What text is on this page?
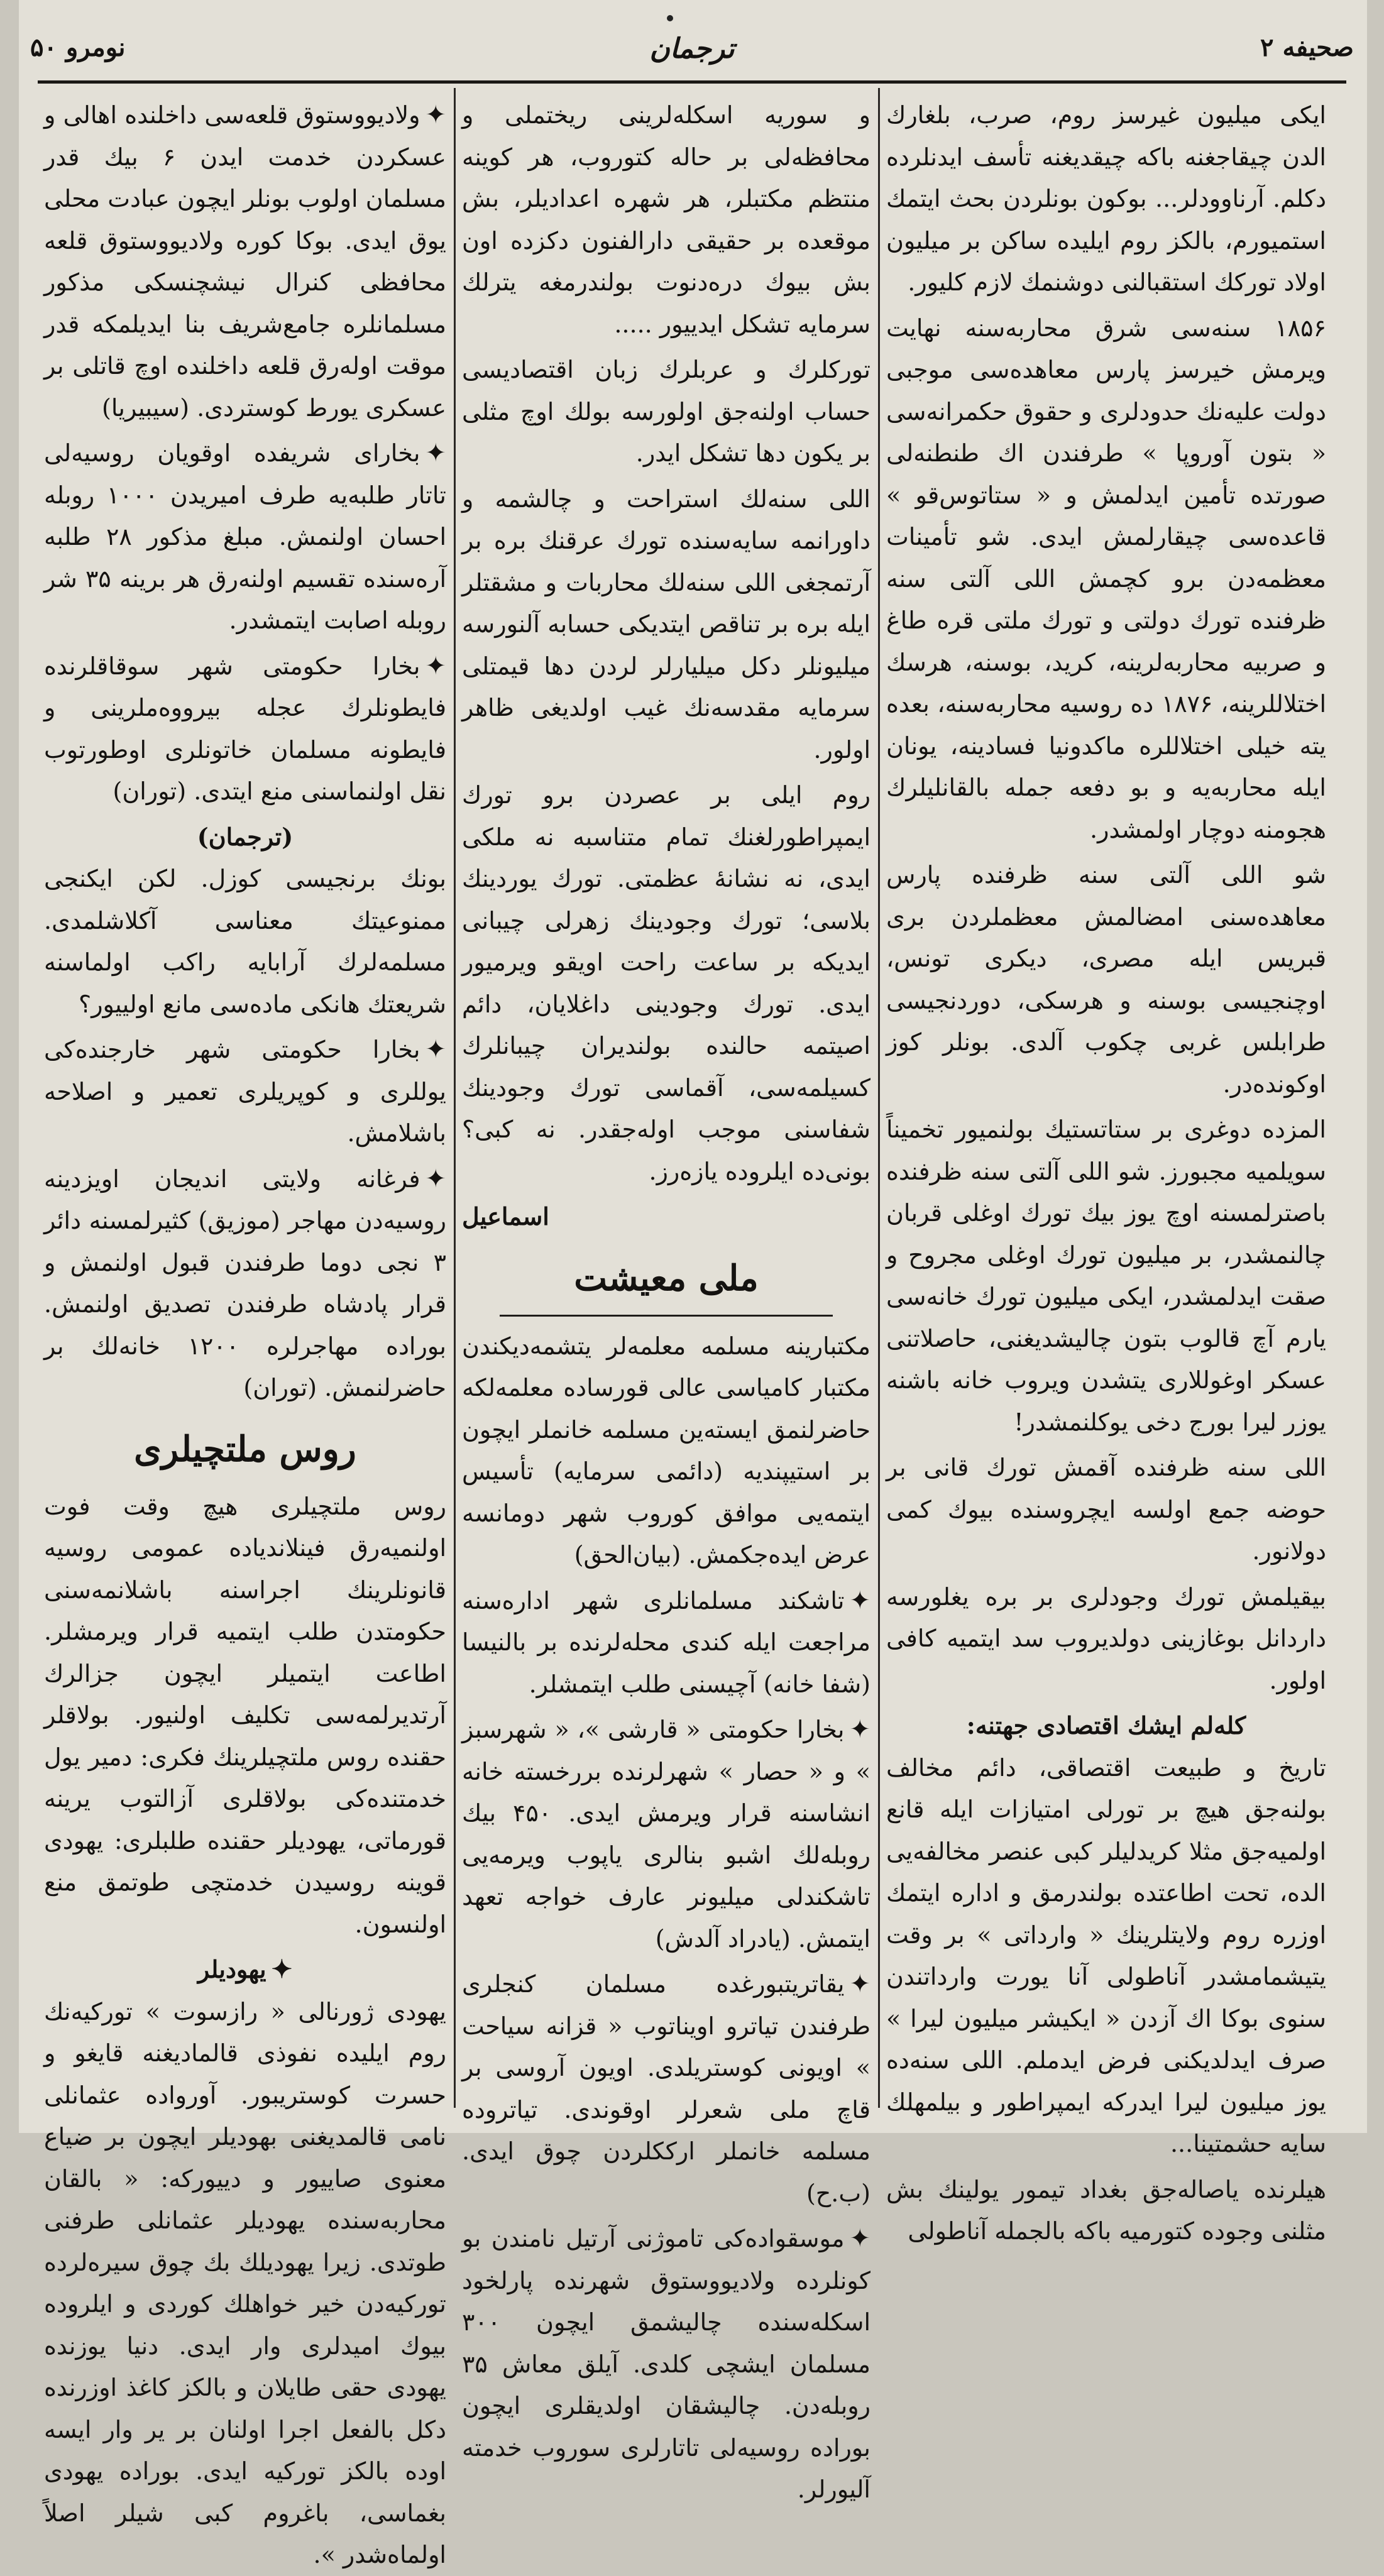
صحیفه ۲
ترجمان
نومرو ۵۰

ایکی میلیون غیرسز روم، صرب، بلغارك الدن چیقاجغنه باکه چیقدیغنه تأسف ایدنلرده دکلم. آرناوودلر... بوکون بونلردن بحث ایتمك استمیورم، بالکز روم ایلیده ساکن بر میلیون اولاد تورکك استقبالنی دوشنمك لازم کلیور.

۱۸۵۶ سنه‌سی شرق محاربه‌سنه نهایت ویرمش خیرسز پارس معاهده‌سی موجبی دولت علیه‌نك حدودلری و حقوق حکمرانه‌سی « بتون آوروپا » طرفندن اك طنطنه‌لی صورتده تأمین ایدلمش و « ستاتوس‌قو » قاعده‌سی چیقارلمش ایدی. شو تأمینات معظمه‌دن برو کچمش اللی آلتی سنه ظرفنده تورك دولتی و تورك ملتی قره طاغ و صربیه محاربه‌لرینه، کرید، بوسنه، هرسك اختلاللرینه، ۱۸۷۶ ده روسیه محاربه‌سنه، بعده یته خیلی اختلاللره ماکدونیا فسادینه، یونان ایله محاربه‌یه و بو دفعه جمله بالقانلیلرك هجومنه دوچار اولمشدر.

شو اللی آلتی سنه ظرفنده پارس معاهده‌سنی امضالمش معظملردن بری قبریس ایله مصری، دیکری تونس، اوچنجیسی بوسنه و هرسکی، دوردنجیسی طرابلس غربی چکوب آلدی. بونلر کوز اوکونده‌در.

المزده دوغری بر ستاتستیك بولنمیور تخمیناً سویلمیه مجبورز. شو اللی آلتی سنه ظرفنده باصترلمسنه اوچ یوز بیك تورك اوغلی قربان چالنمشدر، بر میلیون تورك اوغلی مجروح و صقت ایدلمشدر، ایکی میلیون تورك خانه‌سی یارم آچ قالوب بتون چالیشدیغنی، حاصلاتنی عسکر اوغوللاری یتشدن ویروب خانه باشنه یوزر لیرا بورج دخی یوکلنمشدر!

اللی سنه ظرفنده آقمش تورك قانی بر حوضه جمع اولسه ایچروسنده بیوك کمی دولانور.

بیقیلمش تورك وجودلری بر بره یغلورسه داردانل بوغازینی دولدیروب سد ایتمیه کافی اولور.

کله‌لم ایشك اقتصادی جهتنه:

تاریخ و طبیعت اقتصاقی، دائم مخالف بولنه‌جق هیچ بر تورلی امتیازات ایله قانع اولمیه‌جق مثلا کریدلیلر کبی عنصر مخالفه‌یی الده، تحت اطاعتده بولندرمق و اداره ایتمك اوزره روم ولایتلرینك « وارداتی » بر وقت یتیشمامشدر آناطولی آنا یورت وارداتندن سنوی بوکا اك آزدن « ایکیشر میلیون لیرا » صرف ایدلدیکنی فرض ایدملم. اللی سنه‌ده یوز میلیون لیرا ایدرکه ایمپراطور و بیلمهلك سایه حشمتینا...

هیلرنده یاصاله‌جق بغداد تیمور یولینك بش مثلنی وجوده کتورمیه باکه بالجمله آناطولی

و سوریه اسکله‌لرینی ریختملی و محافظه‌لی بر حاله کتوروب، هر کوینه منتظم مکتبلر، هر شهره اعدادیلر، بش موقعده بر حقیقی دارالفنون دکزده اون بش بیوك دره‌دنوت بولندرمغه یترلك سرمایه تشکل ایدییور .....

تورکلرك و عربلرك زبان اقتصادیسی حساب اولنه‌جق اولورسه بولك اوچ مثلی بر یکون دها تشکل ایدر.

اللی سنه‌لك استراحت و چالشمه و داورانمه سایه‌سنده تورك عرقنك بره بر آرتمجغی اللی سنه‌لك محاربات و مشقتلر ایله بره بر تناقص ایتدیکی حسابه آلنورسه میلیونلر دکل میلیارلر لردن دها قیمتلی سرمایه مقدسه‌نك غیب اولدیغی ظاهر اولور.

روم ایلی بر عصردن برو تورك ایمپراطورلغنك تمام متناسبه نه ملکی ایدی، نه نشانهٔ عظمتی. تورك یوردینك بلاسی؛ تورك وجودینك زهرلی چیبانی ایدیکه بر ساعت راحت اویقو ویرمیور ایدی. تورك وجودینی داغلایان، دائم اصیتمه حالنده بولندیران چیبانلرك کسیلمه‌سی، آقماسی تورك وجودینك شفاسنی موجب اوله‌جقدر. نه کبی؟ بونی‌ده ایلروده یازه‌رز.

اسماعیل

ملی معیشت

مکتبارینه مسلمه معلمه‌لر یتشمه‌دیکندن مکتبار کامیاسی عالی قورساده معلمه‌لکه حاضرلنمق ایسته‌ین مسلمه خانملر ایچون بر استیپندیه (دائمی سرمایه) تأسیس ایتمه‌یی موافق کوروب شهر دومانسه عرض ایده‌جکمش. (بیان‌الحق)

✦تاشکند مسلمانلری شهر اداره‌سنه مراجعت ایله کندی محله‌لرنده بر بالنیسا (شفا خانه) آچیسنی طلب ایتمشلر.

✦بخارا حکومتی « قارشی »، « شهرسبز » و « حصار » شهرلرنده بررخسته خانه انشاسنه قرار ویرمش ایدی. ۴۵۰ بیك روبله‌لك اشبو بنالری یاپوب ویرمه‌یی تاشکندلی میلیونر عارف خواجه تعهد ایتمش. (یادراد آلدش)

✦یقاتریتبورغده مسلمان کنجلری طرفندن تیاترو اویناتوب « قزانه سیاحت » اویونی کوستریلدی. اویون آروسی بر قاچ ملی شعرلر اوقوندی. تیاتروده مسلمه خانملر ارککلردن چوق ایدی. (ب.ح)

✦موسقواده‌کی تاموژنی آرتیل نامندن بو کونلرده ولادیووستوق شهرنده پارلخود اسکله‌سنده چالیشمق ایچون ۳۰۰ مسلمان ایشچی کلدی. آیلق معاش ۳۵ روبله‌دن. چالیشقان اولدیقلری ایچون بوراده روسیه‌لی تاتارلری سوروب خدمته آلیورلر.

✦ولادیووستوق قلعه‌سی داخلنده اهالی و عسکردن خدمت ایدن ۶ بیك قدر مسلمان اولوب بونلر ایچون عبادت محلی یوق ایدی. بوکا کوره ولادیووستوق قلعه محافظی کنرال نیشچنسکی مذکور مسلمانلره جامع‌شریف بنا ایدیلمکه قدر موقت اولەرق قلعه داخلنده اوچ قاتلی بر عسکری یورط کوستردی. (سیبیریا)

✦بخارای شریفده اوقویان روسیه‌لی تاتار طلبه‌یه طرف امیریدن ۱۰۰۰ روبله احسان اولنمش. مبلغ مذکور ۲۸ طلبه آره‌سنده تقسیم اولنه‌رق هر برینه ۳۵ شر روبله اصابت ایتمشدر.

✦بخارا حکومتی شهر سوقاقلرنده فایطونلرك عجله بیرووه‌ملرینی و فایطونه مسلمان خاتونلری اوطورتوب نقل اولنماسنی منع ایتدی. (توران)

(ترجمان)

بونك برنجیسی کوزل. لکن ایکنجی ممنوعیتك معناسی آکلاشلمدی. مسلمه‌لرك آرابایه راکب اولماسنه شریعتك هانکی ماده‌سی مانع اولییور؟

✦بخارا حکومتی شهر خارجنده‌کی یوللری و کوپریلری تعمیر و اصلاحه باشلامش.

✦فرغانه ولایتی اندیجان اویزدینه روسیه‌دن مهاجر (موزیق) کثیرلمسنه دائر ۳ نجی دوما طرفندن قبول اولنمش و قرار پادشاه طرفندن تصدیق اولنمش. بوراده مهاجرلره ۱۲۰۰ خانه‌لك بر حاضرلنمش. (توران)

روس ملتچیلری

روس ملتچیلری هیچ وقت فوت اولنمیه‌رق فینلاندیاده عمومی روسیه قانونلرینك اجراسنه باشلانمه‌سنی حکومتدن طلب ایتمیه قرار ویرمشلر. اطاعت ایتمیلر ایچون جزالرك آرتدیرلمه‌سی تکلیف اولنیور. بولاقلر حقنده روس ملتچیلرینك فکری: دمیر یول خدمتنده‌کی بولاقلری آزالتوب یرینه قورماتی، یهودیلر حقنده طلبلری: یهودی قوینه روسیدن خدمتچی طوتمق منع اولنسون.

✦یهودیلر

یهودی ژورنالی « رازسوت » تورکیه‌نك روم ایلیده نفوذی قالمادیغنه قایغو و حسرت کوستریبور. آورواده عثمانلی نامی قالمدیغنی بهودیلر ایچون بر ضیاع معنوی صاییور و دییورکه: « بالقان محاربه‌سنده یهودیلر عثمانلی طرفنی طوتدی. زیرا یهودیلك بك چوق سیره‌لرده تورکیه‌دن خیر خواهلك کوردی و ایلروده بیوك امیدلری وار ایدی. دنیا یوزنده یهودی حقی طایلان و بالکز کاغذ اوزرنده دکل بالفعل اجرا اولنان بر یر وار ایسه اوده بالکز تورکیه ایدی. بوراده یهودی بغماسی، باغروم کبی شیلر اصلاً اولماه‌شدر ».
